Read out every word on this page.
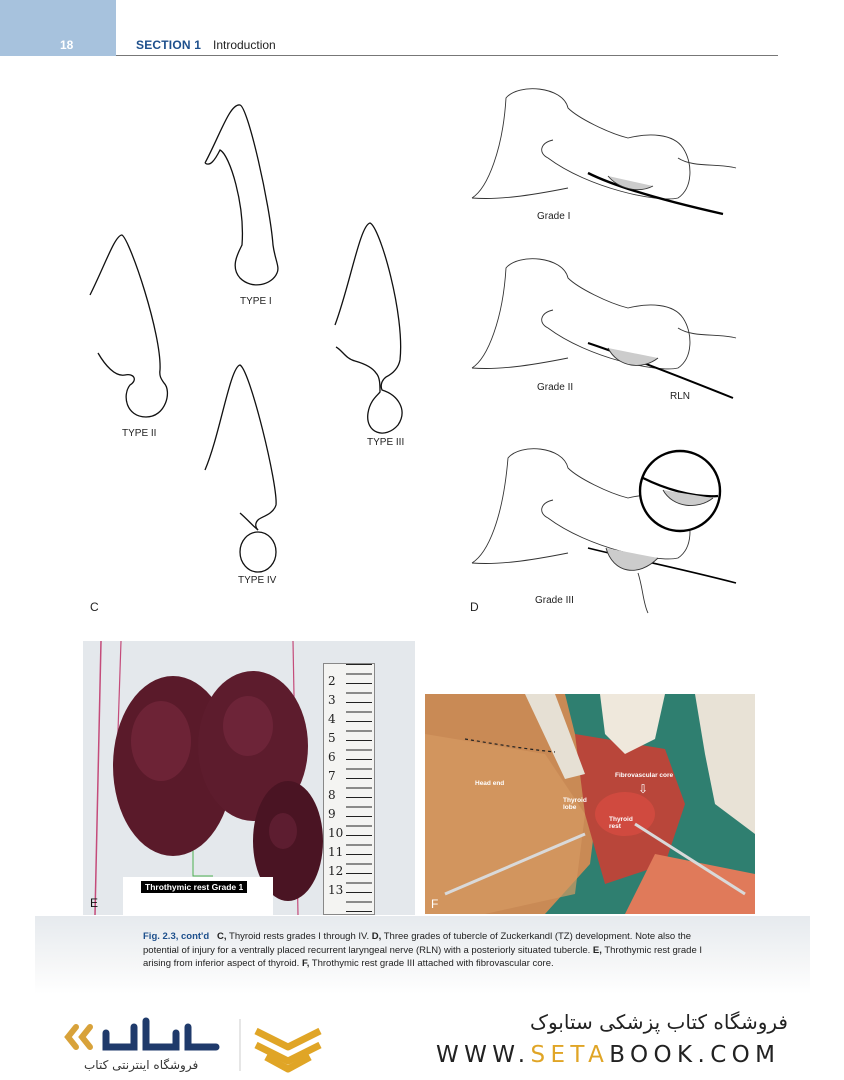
18	SECTION 1 Introduction
TYPE I
TYPE II
TYPE III
TYPE IV
C
Grade I
Grade II
RLN
Grade III
D
2
3
4
5
6
7
8
9
10
11
12
13
Throthymic rest Grade 1
E
Head end
Fibrovascular core
⇩
Thyroid lobe
Thyroid rest
F
Fig. 2.3, cont'd C, Thyroid rests grades I through IV. D, Three grades of tubercle of Zuckerkandl (TZ) development. Note also the potential of injury for a ventrally placed recurrent laryngeal nerve (RLN) with a posteriorly situated tubercle. E, Throthymic rest grade I arising from inferior aspect of thyroid. F, Throthymic rest grade III attached with fibrovascular core.
فروشگاه اینترنتی کتاب
فروشگاه کتاب پزشکی ستابوک
WWW.SETABOOK.COM
